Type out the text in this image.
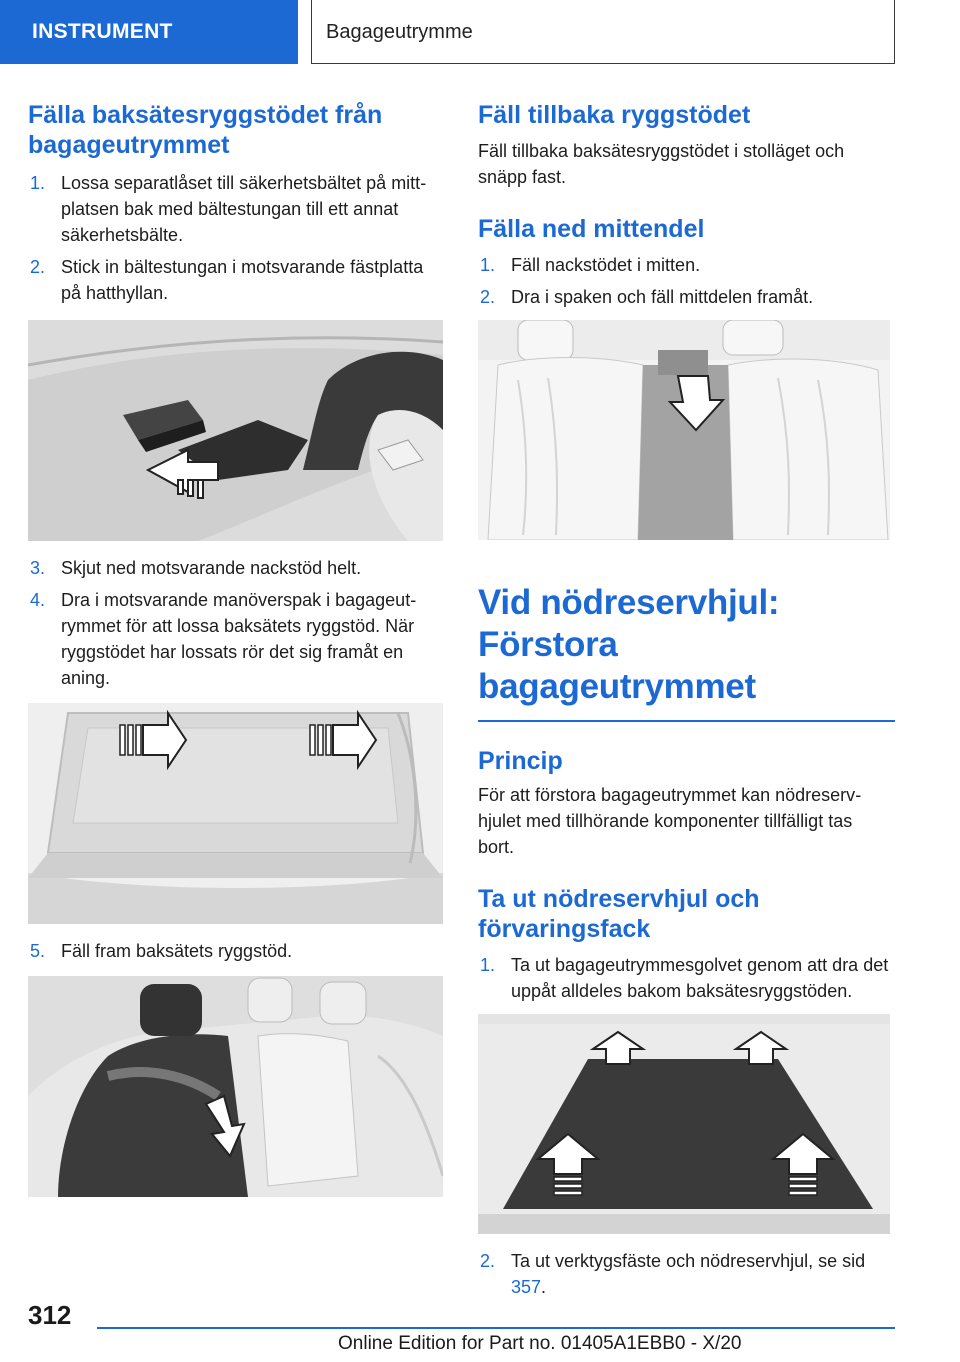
INSTRUMENT	Bagageutrymme
Fälla baksätesryggstödet från bagageutrymmet
1. Lossa separatlåset till säkerhetsbältet på mittplatsen bak med bältestungan till ett annat säkerhetsbälte.
2. Stick in bältestungan i motsvarande fästplatta på hatthyllan.
3. Skjut ned motsvarande nackstöd helt.
4. Dra i motsvarande manöverspak i bagageutrymmet för att lossa baksätets ryggstöd. När ryggstödet har lossats rör det sig framåt en aning.
5. Fäll fram baksätets ryggstöd.
Fäll tillbaka ryggstödet

Fäll tillbaka baksätesryggstödet i stolläget och snäpp fast.

Fälla ned mittendel
1. Fäll nackstödet i mitten.
2. Dra i spaken och fäll mittdelen framåt.
Vid nödreservhjul: Förstora bagageutrymmet
Princip

För att förstora bagageutrymmet kan nödreservhjulet med tillhörande komponenter tillfälligt tas bort.

Ta ut nödreservhjul och förvaringsfack
1. Ta ut bagageutrymmesgolvet genom att dra det uppåt alldeles bakom baksätesryggstöden.
2. Ta ut verktygsfäste och nödreservhjul, se sid 357.
312
Online Edition for Part no. 01405A1EBB0 - X/20
